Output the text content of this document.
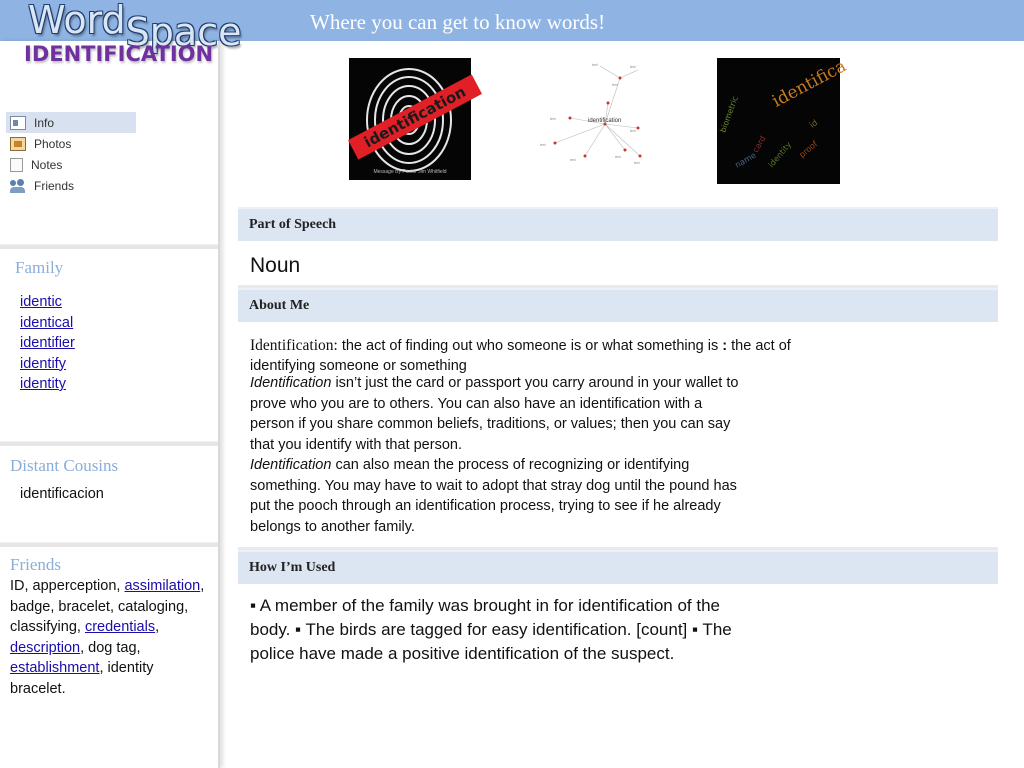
WordSpace	Where you can get to know words!
IDENTIFICATION
Info
Photos
Notes
Friends
Family
identic
identical
identifier
identify
identity
Distant Cousins
identificacion
Friends
ID, apperception, assimilation, badge, bracelet, cataloging, classifying, credentials, description, dog tag, establishment, identity bracelet.
identification
Message By Pastor Jim Whitfield
text	text
text
text
text
text
text
text
text
identification	biometric
card identity proof
name
id
identifica
Part of Speech
Noun
About Me
Identification: the act of finding out who someone is or what something is : the act of identifying someone or something
Identification isn’t just the card or passport you carry around in your wallet to prove who you are to others. You can also have an identification with a person if you share common beliefs, traditions, or values; then you can say that you identify with that person.
Identification can also mean the process of recognizing or identifying something. You may have to wait to adopt that stray dog until the pound has put the pooch through an identification process, trying to see if he already belongs to another family.
How I’m Used
▪ A member of the family was brought in for identification of the body. ▪ The birds are tagged for easy identification. [count] ▪ The police have made a positive identification of the suspect.
